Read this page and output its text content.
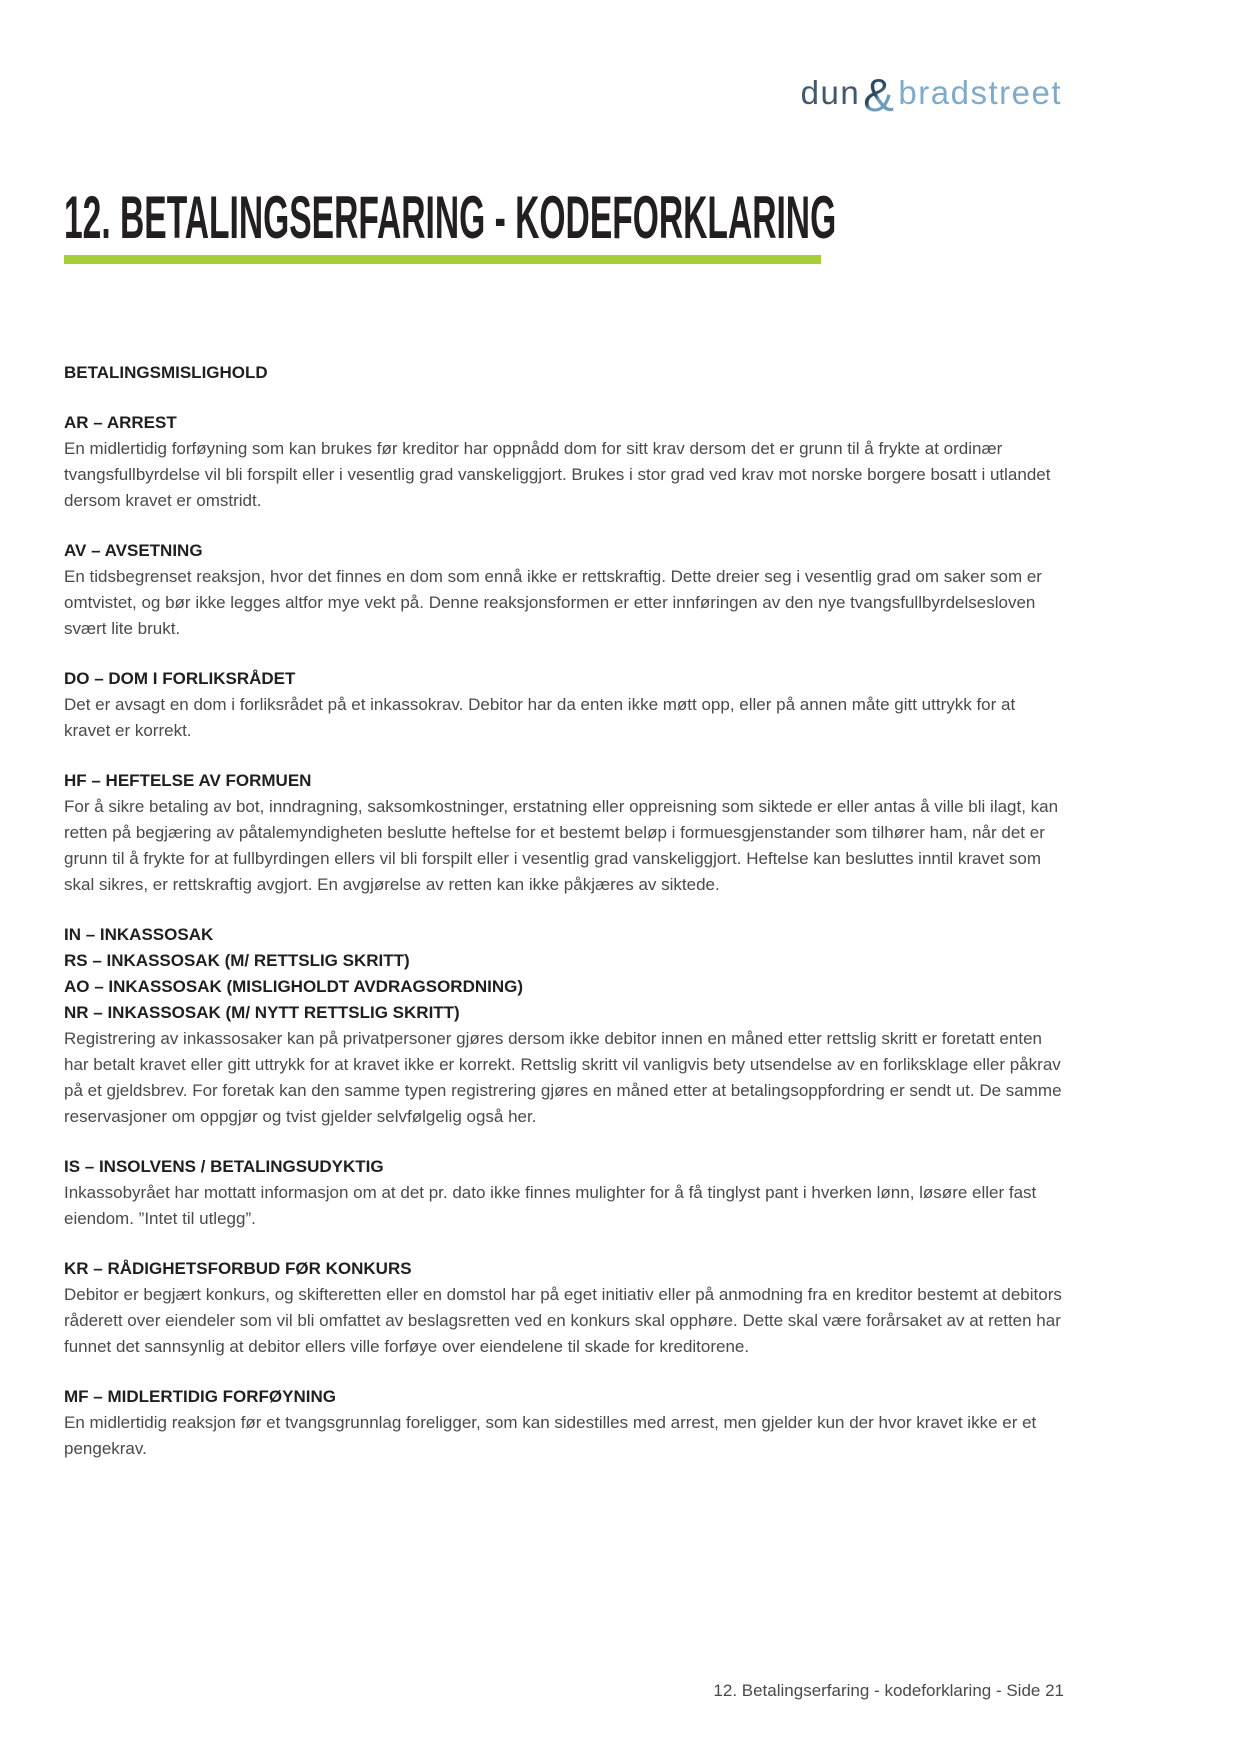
dun&bradstreet
12. BETALINGSERFARING - KODEFORKLARING
BETALINGSMISLIGHOLD
AR – ARREST

En midlertidig forføyning som kan brukes før kreditor har oppnådd dom for sitt krav dersom det er grunn til å frykte at ordinær tvangsfullbyrdelse vil bli forspilt eller i vesentlig grad vanskeliggjort. Brukes i stor grad ved krav mot norske borgere bosatt i utlandet dersom kravet er omstridt.

AV – AVSETNING

En tidsbegrenset reaksjon, hvor det finnes en dom som ennå ikke er rettskraftig. Dette dreier seg i vesentlig grad om saker som er omtvistet, og bør ikke legges altfor mye vekt på. Denne reaksjonsformen er etter innføringen av den nye tvangsfullbyrdelsesloven svært lite brukt.

DO – DOM I FORLIKSRÅDET

Det er avsagt en dom i forliksrådet på et inkassokrav. Debitor har da enten ikke møtt opp, eller på annen måte gitt uttrykk for at kravet er korrekt.

HF – HEFTELSE AV FORMUEN

For å sikre betaling av bot, inndragning, saksomkostninger, erstatning eller oppreisning som siktede er eller antas å ville bli ilagt, kan retten på begjæring av påtalemyndigheten beslutte heftelse for et bestemt beløp i formuesgjenstander som tilhører ham, når det er grunn til å frykte for at fullbyrdingen ellers vil bli forspilt eller i vesentlig grad vanskeliggjort. Heftelse kan besluttes inntil kravet som skal sikres, er rettskraftig avgjort. En avgjørelse av retten kan ikke påkjæres av siktede.

IN – INKASSOSAK
RS – INKASSOSAK (M/ RETTSLIG SKRITT)
AO – INKASSOSAK (MISLIGHOLDT AVDRAGSORDNING)
NR – INKASSOSAK (M/ NYTT RETTSLIG SKRITT)

Registrering av inkassosaker kan på privatpersoner gjøres dersom ikke debitor innen en måned etter rettslig skritt er foretatt enten har betalt kravet eller gitt uttrykk for at kravet ikke er korrekt. Rettslig skritt vil vanligvis bety utsendelse av en forliksklage eller påkrav på et gjeldsbrev. For foretak kan den samme typen registrering gjøres en måned etter at betalingsoppfordring er sendt ut. De samme reservasjoner om oppgjør og tvist gjelder selvfølgelig også her.

IS – INSOLVENS / BETALINGSUDYKTIG

Inkassobyrået har mottatt informasjon om at det pr. dato ikke finnes mulighter for å få tinglyst pant i hverken lønn, løsøre eller fast eiendom. ”Intet til utlegg”.

KR – RÅDIGHETSFORBUD FØR KONKURS

Debitor er begjært konkurs, og skifteretten eller en domstol har på eget initiativ eller på anmodning fra en kreditor bestemt at debitors råderett over eiendeler som vil bli omfattet av beslagsretten ved en konkurs skal opphøre. Dette skal være forårsaket av at retten har funnet det sannsynlig at debitor ellers ville forføye over eiendelene til skade for kreditorene.

MF – MIDLERTIDIG FORFØYNING

En midlertidig reaksjon før et tvangsgrunnlag foreligger, som kan sidestilles med arrest, men gjelder kun der hvor kravet ikke er et pengekrav.

12. Betalingserfaring - kodeforklaring - Side 21
